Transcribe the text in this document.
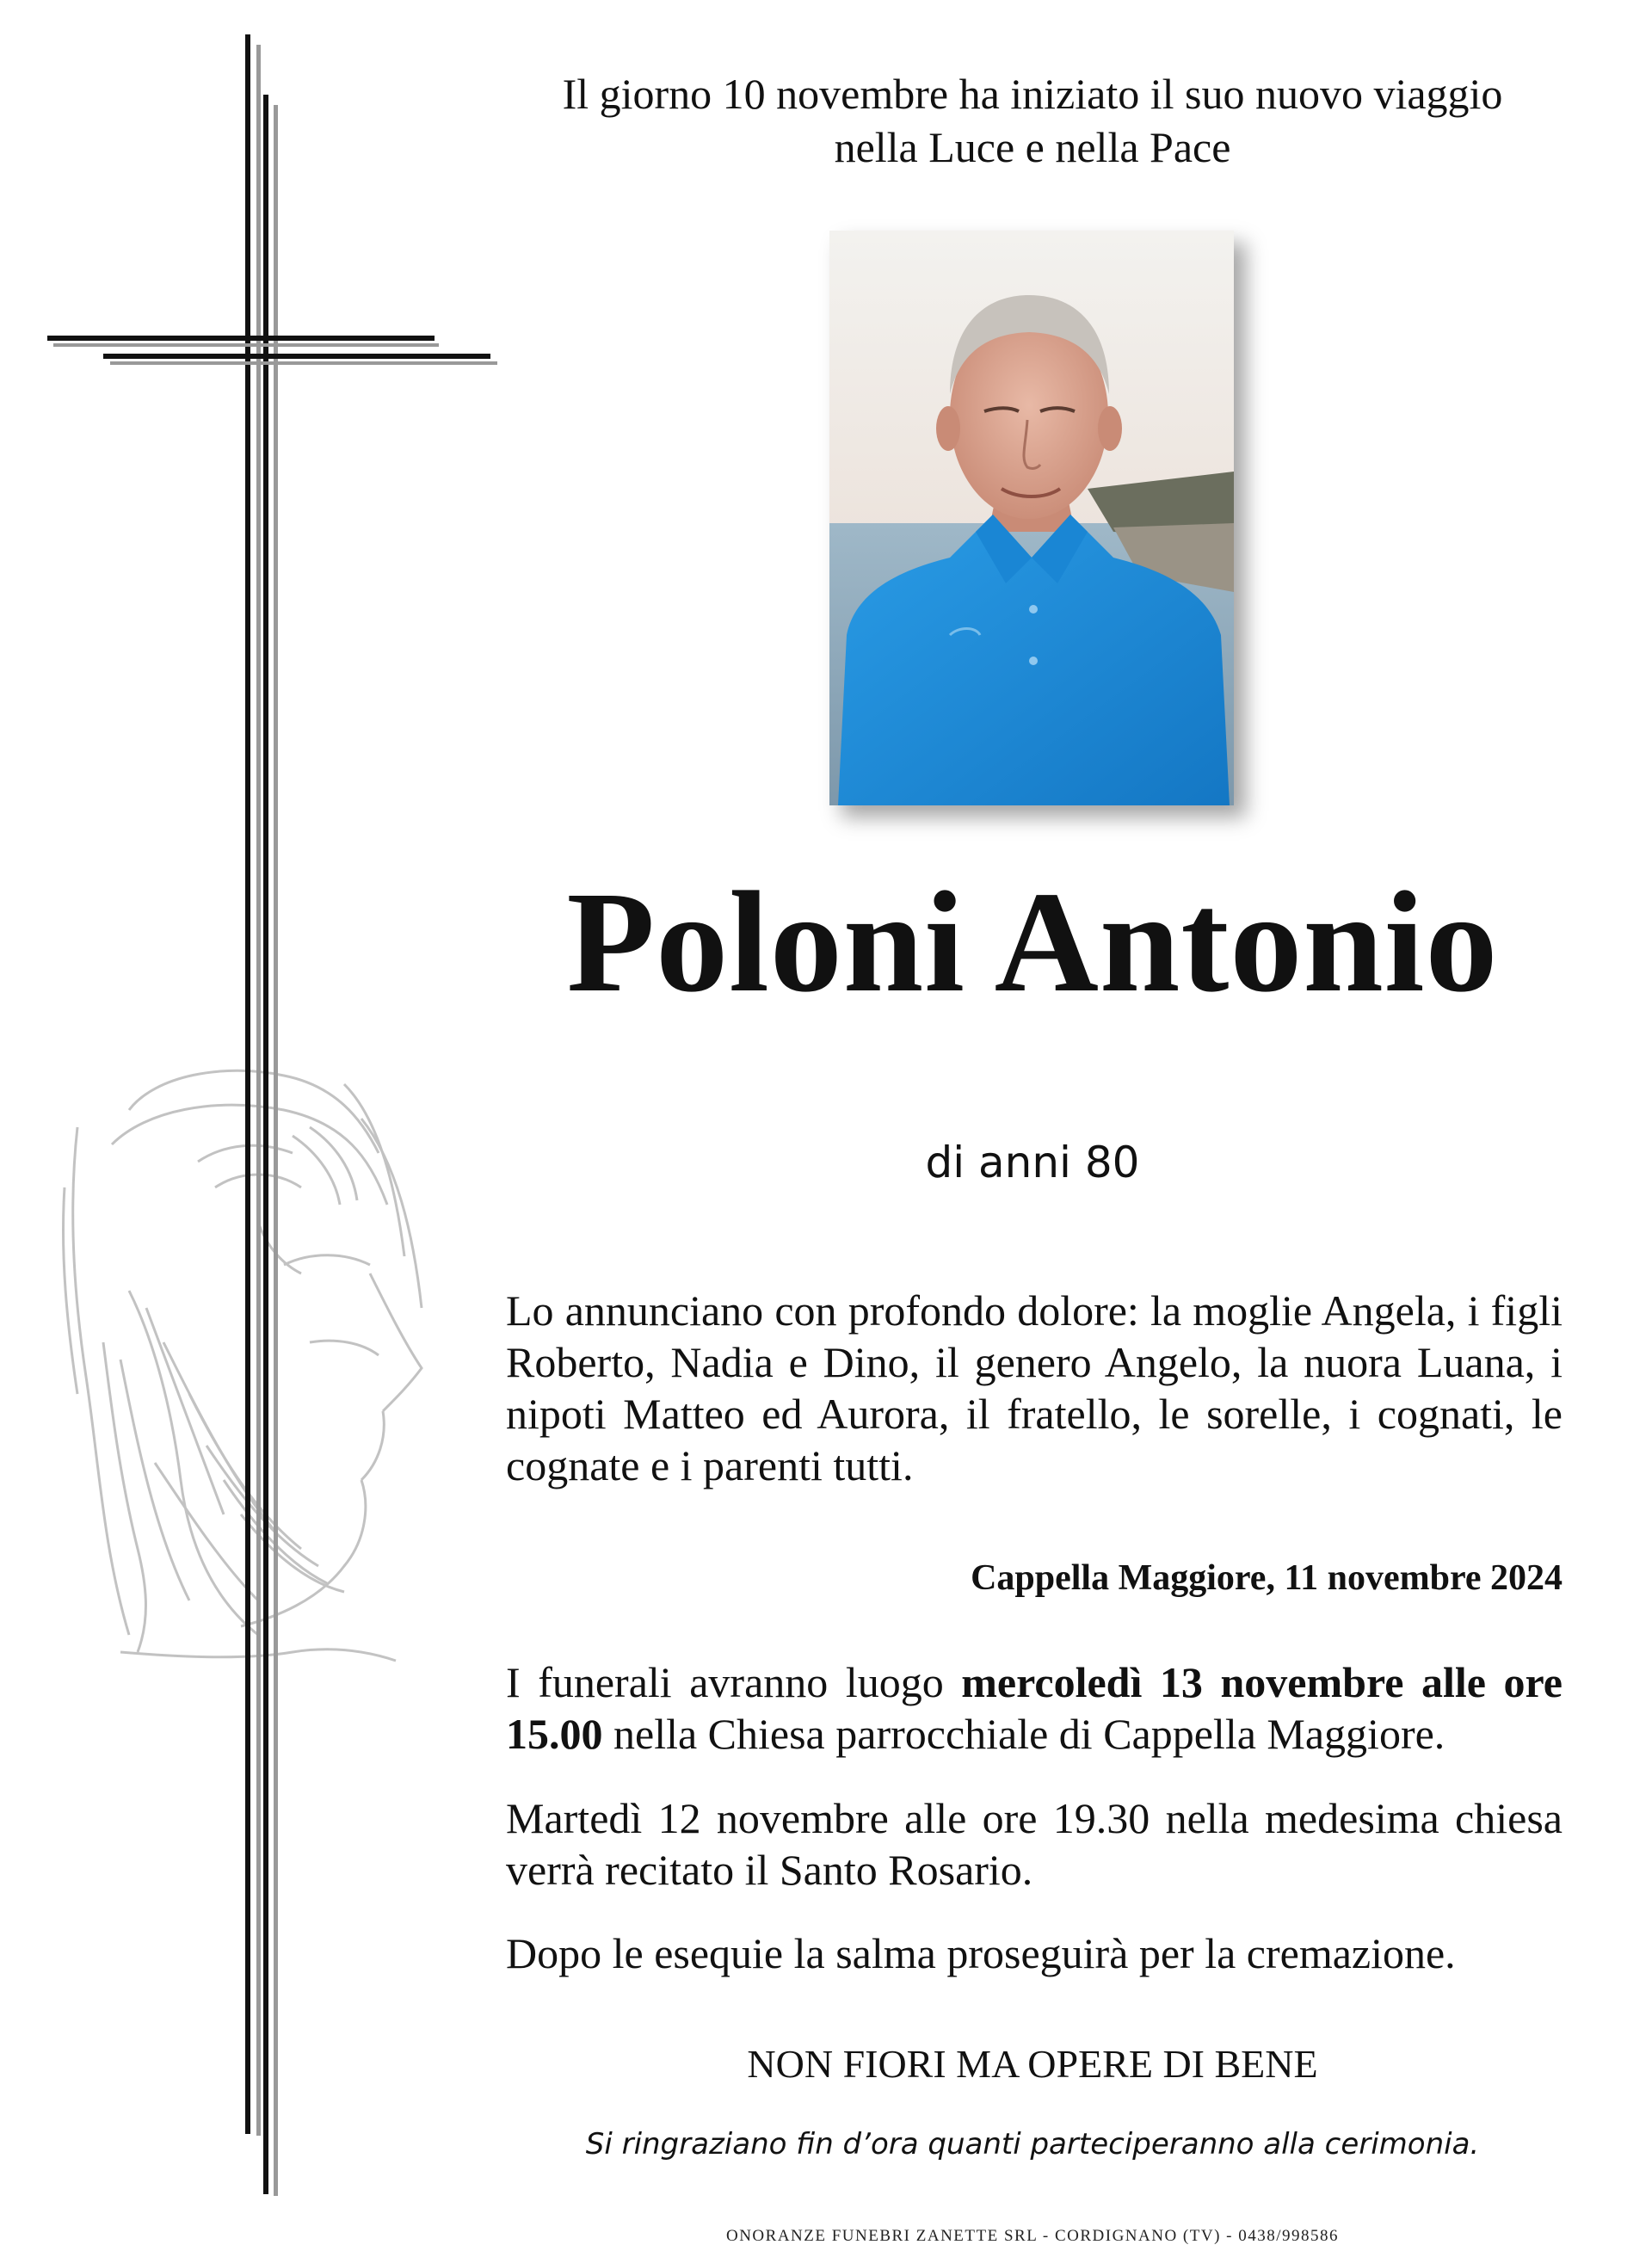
Il giorno 10 novembre ha iniziato il suo nuovo viaggio
nella Luce e nella Pace
Poloni Antonio
di anni 80

Lo annunciano con profondo dolore: la moglie Angela, i figli Roberto, Nadia e Dino, il genero Angelo, la nuora Luana, i nipoti Matteo ed Aurora, il fratello, le sorelle, i cognati, le cognate e i parenti tutti.

Cappella Maggiore, 11 novembre 2024

I funerali avranno luogo mercoledì 13 novembre alle ore 15.00 nella Chiesa parrocchiale di Cappella Maggiore.

Martedì 12 novembre alle ore 19.30 nella medesima chiesa verrà recitato il Santo Rosario.

Dopo le esequie la salma proseguirà per la cremazione.

NON FIORI MA OPERE DI BENE
Si ringraziano fin d’ora quanti parteciperanno alla cerimonia.
ONORANZE FUNEBRI ZANETTE SRL - CORDIGNANO (TV) - 0438/998586
